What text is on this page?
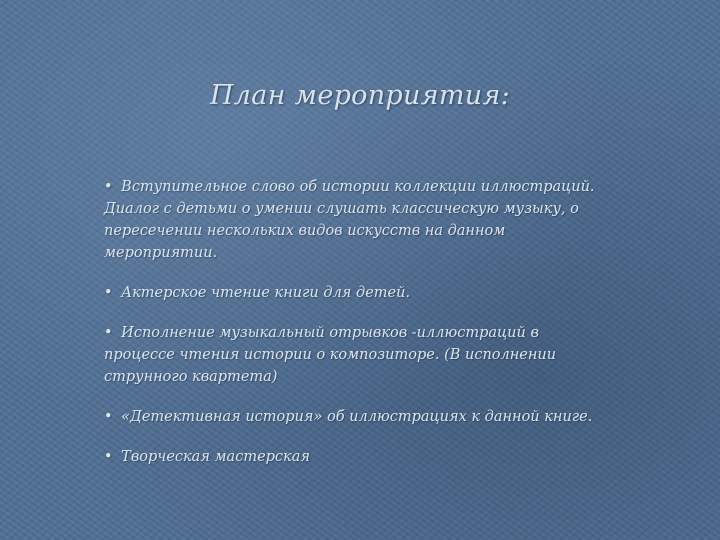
План мероприятия:
• Вступительное слово об истории коллекции иллюстраций. Диалог с детьми о умении слушать классическую музыку, о пересечении нескольких видов искусств на данном мероприятии.
• Актерское чтение книги для детей.
• Исполнение музыкальный отрывков -иллюстраций в процессе чтения истории о композиторе. (В исполнении струнного квартета)
• «Детективная история» об иллюстрациях к данной книге.
• Творческая мастерская
